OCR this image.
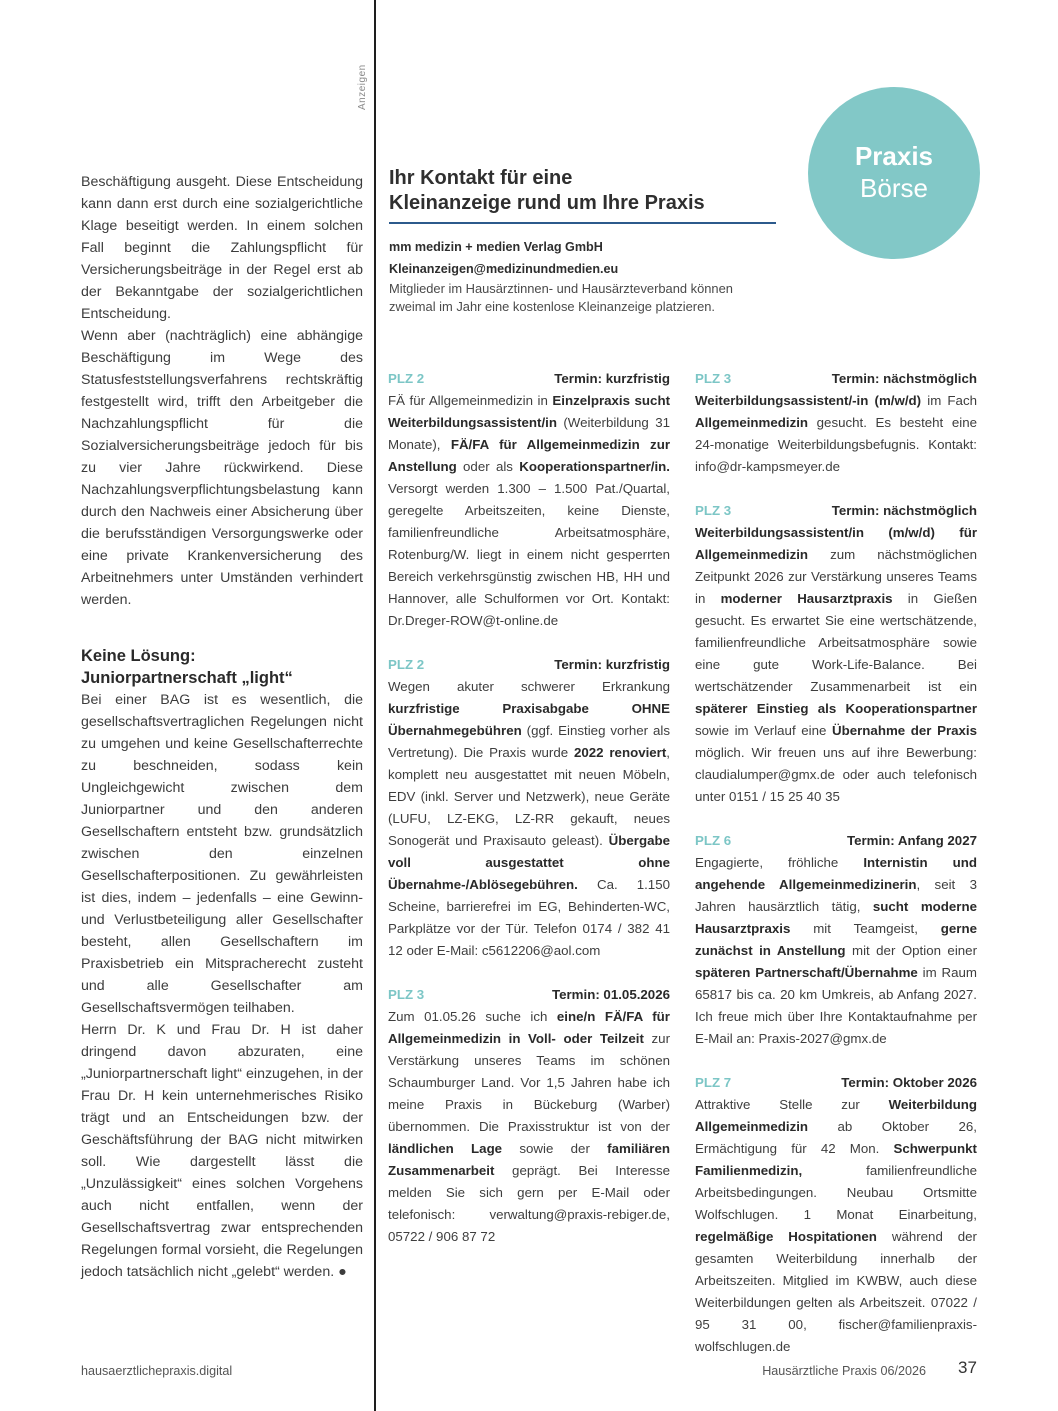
Anzeigen

Beschäftigung ausgeht. Diese Entscheidung kann dann erst durch eine sozialgerichtliche Klage beseitigt werden. In einem solchen Fall beginnt die Zahlungspflicht für Versicherungsbeiträge in der Regel erst ab der Bekanntgabe der sozialgerichtlichen Entscheidung.

Wenn aber (nachträglich) eine abhängige Beschäftigung im Wege des Statusfeststellungsverfahrens rechtskräftig festgestellt wird, trifft den Arbeitgeber die Nachzahlungspflicht für die Sozialversicherungsbeiträge jedoch für bis zu vier Jahre rückwirkend. Diese Nachzahlungsverpflichtungsbelastung kann durch den Nachweis einer Absicherung über die berufsständigen Versorgungswerke oder eine private Krankenversicherung des Arbeitnehmers unter Umständen verhindert werden.

Keine Lösung:
Juniorpartnerschaft „light“

Bei einer BAG ist es wesentlich, die gesellschaftsvertraglichen Regelungen nicht zu umgehen und keine Gesellschafterrechte zu beschneiden, sodass kein Ungleichgewicht zwischen dem Juniorpartner und den anderen Gesellschaftern entsteht bzw. grundsätzlich zwischen den einzelnen Gesellschafterpositionen. Zu gewährleisten ist dies, indem – jedenfalls – eine Gewinn- und Verlustbeteiligung aller Gesellschafter besteht, allen Gesellschaftern im Praxisbetrieb ein Mitspracherecht zusteht und alle Gesellschafter am Gesellschaftsvermögen teilhaben.

Herrn Dr. K und Frau Dr. H ist daher dringend davon abzuraten, eine „Juniorpartnerschaft light“ einzugehen, in der Frau Dr. H kein unternehmerisches Risiko trägt und an Entscheidungen bzw. der Geschäftsführung der BAG nicht mitwirken soll. Wie dargestellt lässt die „Unzulässigkeit“ eines solchen Vorgehens auch nicht entfallen, wenn der Gesellschaftsvertrag zwar entsprechenden Regelungen formal vorsieht, die Regelungen jedoch tatsächlich nicht „gelebt“ werden. ●

Ihr Kontakt für eine
Kleinanzeige rund um Ihre Praxis
mm medizin + medien Verlag GmbH
Kleinanzeigen@medizinundmedien.eu
Mitglieder im Hausärztinnen- und Hausärzteverband können zweimal im Jahr eine kostenlose Kleinanzeige platzieren.
Praxis
Börse
PLZ 2	Termin: kurzfristig
FÄ für Allgemeinmedizin in Einzelpraxis sucht Weiterbildungsassistent/in (Weiterbildung 31 Monate), FÄ/FA für Allgemeinmedizin zur Anstellung oder als Kooperationspartner/in. Versorgt werden 1.300 – 1.500 Pat./Quartal, geregelte Arbeitszeiten, keine Dienste, familienfreundliche Arbeitsatmosphäre, Rotenburg/W. liegt in einem nicht gesperrten Bereich verkehrsgünstig zwischen HB, HH und Hannover, alle Schulformen vor Ort. Kontakt: Dr.Dreger-ROW@t-online.de
PLZ 2	Termin: kurzfristig
Wegen akuter schwerer Erkrankung kurzfristige Praxisabgabe OHNE Übernahmegebühren (ggf. Einstieg vorher als Vertretung). Die Praxis wurde 2022 renoviert, komplett neu ausgestattet mit neuen Möbeln, EDV (inkl. Server und Netzwerk), neue Geräte (LUFU, LZ-EKG, LZ-RR gekauft, neues Sonogerät und Praxisauto geleast). Übergabe voll ausgestattet ohne Übernahme-/Ablösegebühren. Ca. 1.150 Scheine, barrierefrei im EG, Behinderten-WC, Parkplätze vor der Tür. Telefon 0174 / 382 41 12 oder E-Mail: c5612206@aol.com
PLZ 3	Termin: 01.05.2026
Zum 01.05.26 suche ich eine/n FÄ/FA für Allgemeinmedizin in Voll- oder Teilzeit zur Verstärkung unseres Teams im schönen Schaumburger Land. Vor 1,5 Jahren habe ich meine Praxis in Bückeburg (Warber) übernommen. Die Praxisstruktur ist von der ländlichen Lage sowie der familiären Zusammenarbeit geprägt. Bei Interesse melden Sie sich gern per E-Mail oder telefonisch: verwaltung@praxis-rebiger.de, 05722 / 906 87 72
PLZ 3	Termin: nächstmöglich
Weiterbildungsassistent/-in (m/w/d) im Fach Allgemeinmedizin gesucht. Es besteht eine 24-monatige Weiterbildungsbefugnis. Kontakt: info@dr-kampsmeyer.de
PLZ 3	Termin: nächstmöglich
Weiterbildungsassistent/in (m/w/d) für Allgemeinmedizin zum nächstmöglichen Zeitpunkt 2026 zur Verstärkung unseres Teams in moderner Hausarztpraxis in Gießen gesucht. Es erwartet Sie eine wertschätzende, familienfreundliche Arbeitsatmosphäre sowie eine gute Work-Life-Balance. Bei wertschätzender Zusammenarbeit ist ein späterer Einstieg als Kooperationspartner sowie im Verlauf eine Übernahme der Praxis möglich. Wir freuen uns auf ihre Bewerbung: claudialumper@gmx.de oder auch telefonisch unter 0151 / 15 25 40 35
PLZ 6	Termin: Anfang 2027
Engagierte, fröhliche Internistin und angehende Allgemeinmedizinerin, seit 3 Jahren hausärztlich tätig, sucht moderne Hausarztpraxis mit Teamgeist, gerne zunächst in Anstellung mit der Option einer späteren Partnerschaft/Übernahme im Raum 65817 bis ca. 20 km Umkreis, ab Anfang 2027. Ich freue mich über Ihre Kontaktaufnahme per E-Mail an: Praxis-2027@gmx.de
PLZ 7	Termin: Oktober 2026
Attraktive Stelle zur Weiterbildung Allgemeinmedizin ab Oktober 26, Ermächtigung für 42 Mon. Schwerpunkt Familienmedizin, familienfreundliche Arbeitsbedingungen. Neubau Ortsmitte Wolfschlugen. 1 Monat Einarbeitung, regelmäßige Hospitationen während der gesamten Weiterbildung innerhalb der Arbeitszeiten. Mitglied im KWBW, auch diese Weiterbildungen gelten als Arbeitszeit. 07022 / 95 31 00, fischer@familienpraxis-wolfschlugen.de
hausaerztlichepraxis.digital	Hausärztliche Praxis 06/2026 37
